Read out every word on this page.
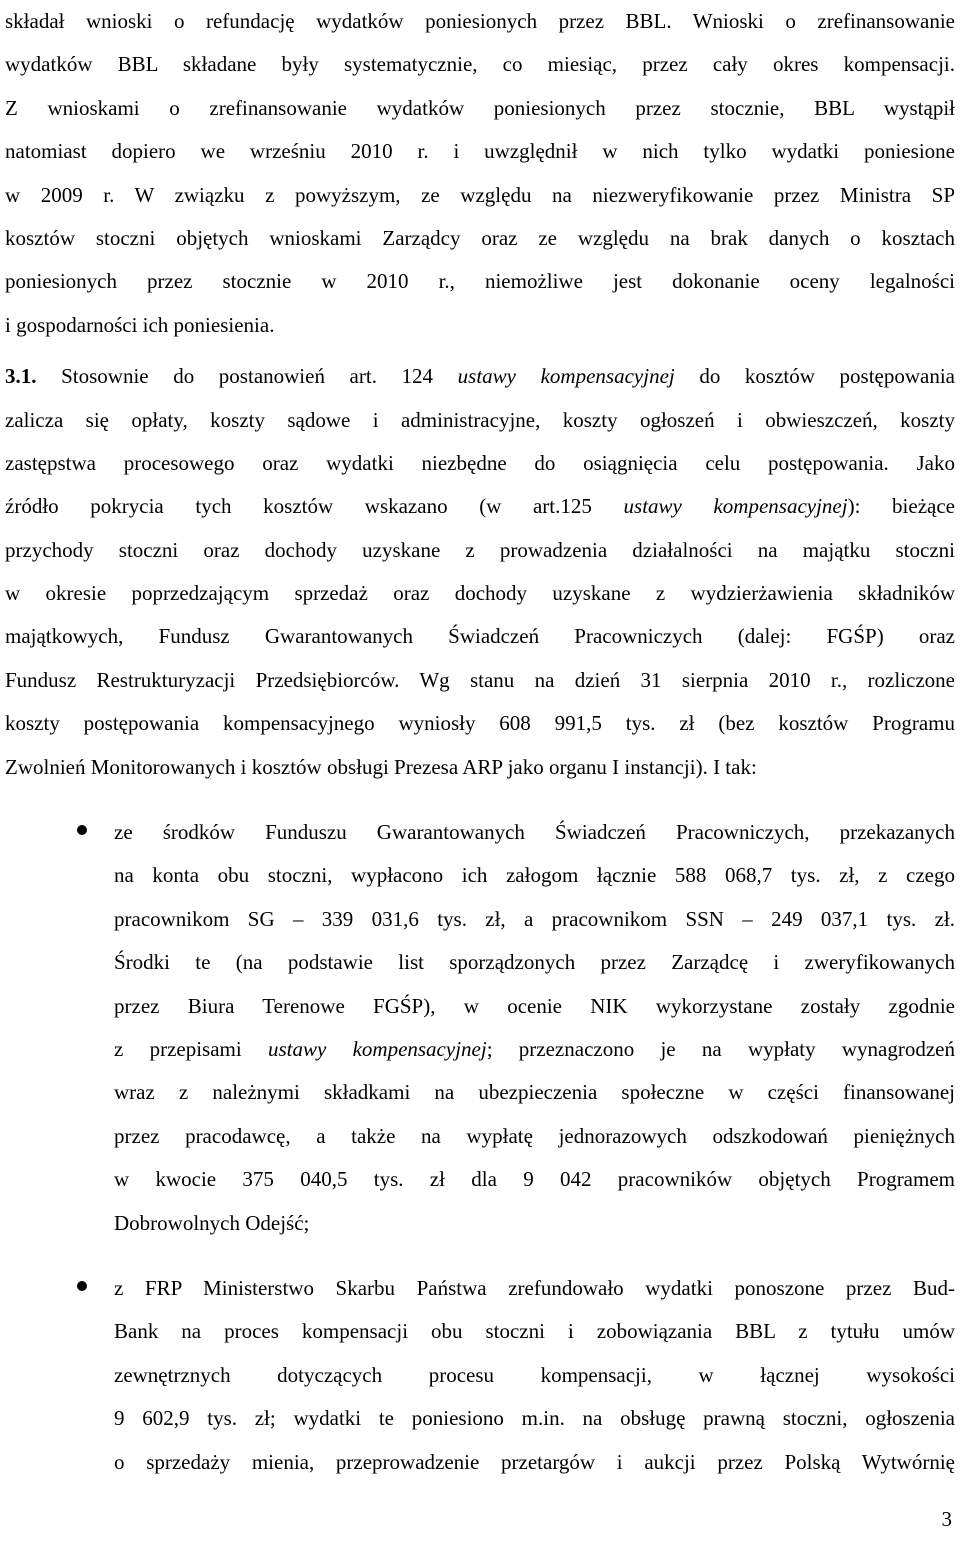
składał wnioski o refundację wydatków poniesionych przez BBL. Wnioski o zrefinansowanie
wydatków BBL składane były systematycznie, co miesiąc, przez cały okres kompensacji.
Z wnioskami o zrefinansowanie wydatków poniesionych przez stocznie, BBL wystąpił
natomiast dopiero we wrześniu 2010 r. i uwzględnił w nich tylko wydatki poniesione
w 2009 r. W związku z powyższym, ze względu na niezweryfikowanie przez Ministra SP
kosztów stoczni objętych wnioskami Zarządcy oraz ze względu na brak danych o kosztach
poniesionych przez stocznie w 2010 r., niemożliwe jest dokonanie oceny legalności
i gospodarności ich poniesienia.
3.1. Stosownie do postanowień art. 124 ustawy kompensacyjnej do kosztów postępowania
zalicza się opłaty, koszty sądowe i administracyjne, koszty ogłoszeń i obwieszczeń, koszty
zastępstwa procesowego oraz wydatki niezbędne do osiągnięcia celu postępowania. Jako
źródło pokrycia tych kosztów wskazano (w art.125 ustawy kompensacyjnej): bieżące
przychody stoczni oraz dochody uzyskane z prowadzenia działalności na majątku stoczni
w okresie poprzedzającym sprzedaż oraz dochody uzyskane z wydzierżawienia składników
majątkowych, Fundusz Gwarantowanych Świadczeń Pracowniczych (dalej: FGŚP) oraz
Fundusz Restrukturyzacji Przedsiębiorców. Wg stanu na dzień 31 sierpnia 2010 r., rozliczone
koszty postępowania kompensacyjnego wyniosły 608 991,5 tys. zł (bez kosztów Programu
Zwolnień Monitorowanych i kosztów obsługi Prezesa ARP jako organu I instancji). I tak:
ze środków Funduszu Gwarantowanych Świadczeń Pracowniczych, przekazanych
na konta obu stoczni, wypłacono ich załogom łącznie 588 068,7 tys. zł, z czego
pracownikom SG – 339 031,6 tys. zł, a pracownikom SSN – 249 037,1 tys. zł.
Środki te (na podstawie list sporządzonych przez Zarządcę i zweryfikowanych
przez Biura Terenowe FGŚP), w ocenie NIK wykorzystane zostały zgodnie
z przepisami ustawy kompensacyjnej; przeznaczono je na wypłaty wynagrodzeń
wraz z należnymi składkami na ubezpieczenia społeczne w części finansowanej
przez pracodawcę, a także na wypłatę jednorazowych odszkodowań pieniężnych
w kwocie 375 040,5 tys. zł dla 9 042 pracowników objętych Programem
Dobrowolnych Odejść;
z FRP Ministerstwo Skarbu Państwa zrefundowało wydatki ponoszone przez Bud-
Bank na proces kompensacji obu stoczni i zobowiązania BBL z tytułu umów
zewnętrznych dotyczących procesu kompensacji, w łącznej wysokości
9 602,9 tys. zł; wydatki te poniesiono m.in. na obsługę prawną stoczni, ogłoszenia
o sprzedaży mienia, przeprowadzenie przetargów i aukcji przez Polską Wytwórnię
3
